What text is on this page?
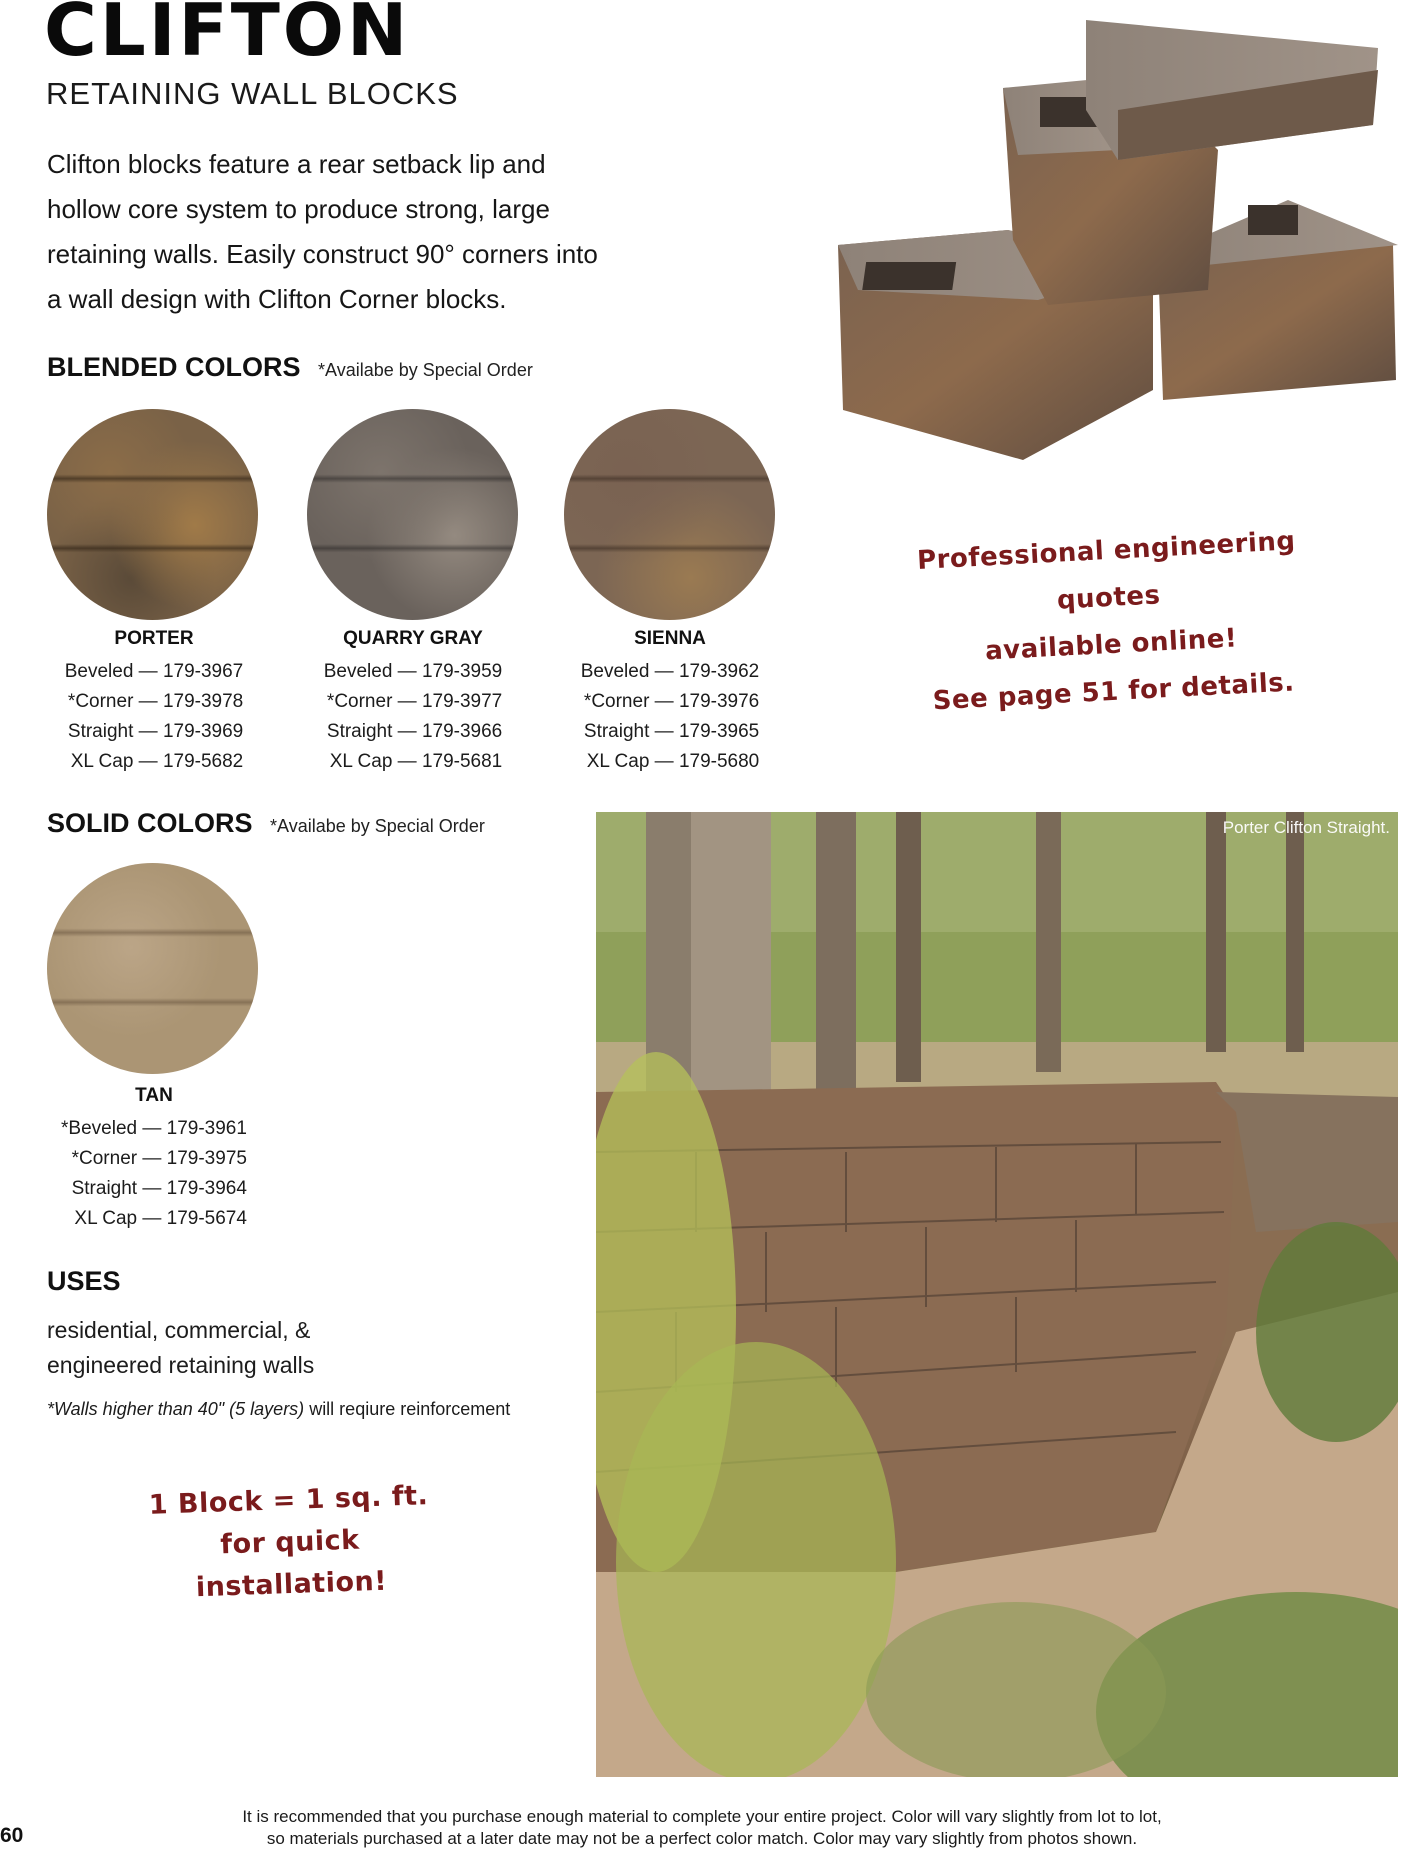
CLIFTON
RETAINING WALL BLOCKS
Clifton blocks feature a rear setback lip and
hollow core system to produce strong, large
retaining walls. Easily construct 90° corners into
a wall design with Clifton Corner blocks.
Professional engineering quotes
available online!
See page 51 for details.
BLENDED COLORS *Availabe by Special Order
PORTER
Beveled — 179-3967
*Corner — 179-3978
Straight — 179-3969
XL Cap — 179-5682
QUARRY GRAY
Beveled — 179-3959
*Corner — 179-3977
Straight — 179-3966
XL Cap — 179-5681
SIENNA
Beveled — 179-3962
*Corner — 179-3976
Straight — 179-3965
XL Cap — 179-5680
SOLID COLORS *Availabe by Special Order
TAN
*Beveled — 179-3961
*Corner — 179-3975
Straight — 179-3964
XL Cap — 179-5674
USES
residential, commercial, &
engineered retaining walls
*Walls higher than 40" (5 layers) will reqiure reinforcement
1 Block = 1 sq. ft.
for quick installation!
Porter Clifton Straight.
It is recommended that you purchase enough material to complete your entire project. Color will vary slightly from lot to lot,
so materials purchased at a later date may not be a perfect color match. Color may vary slightly from photos shown.
60
